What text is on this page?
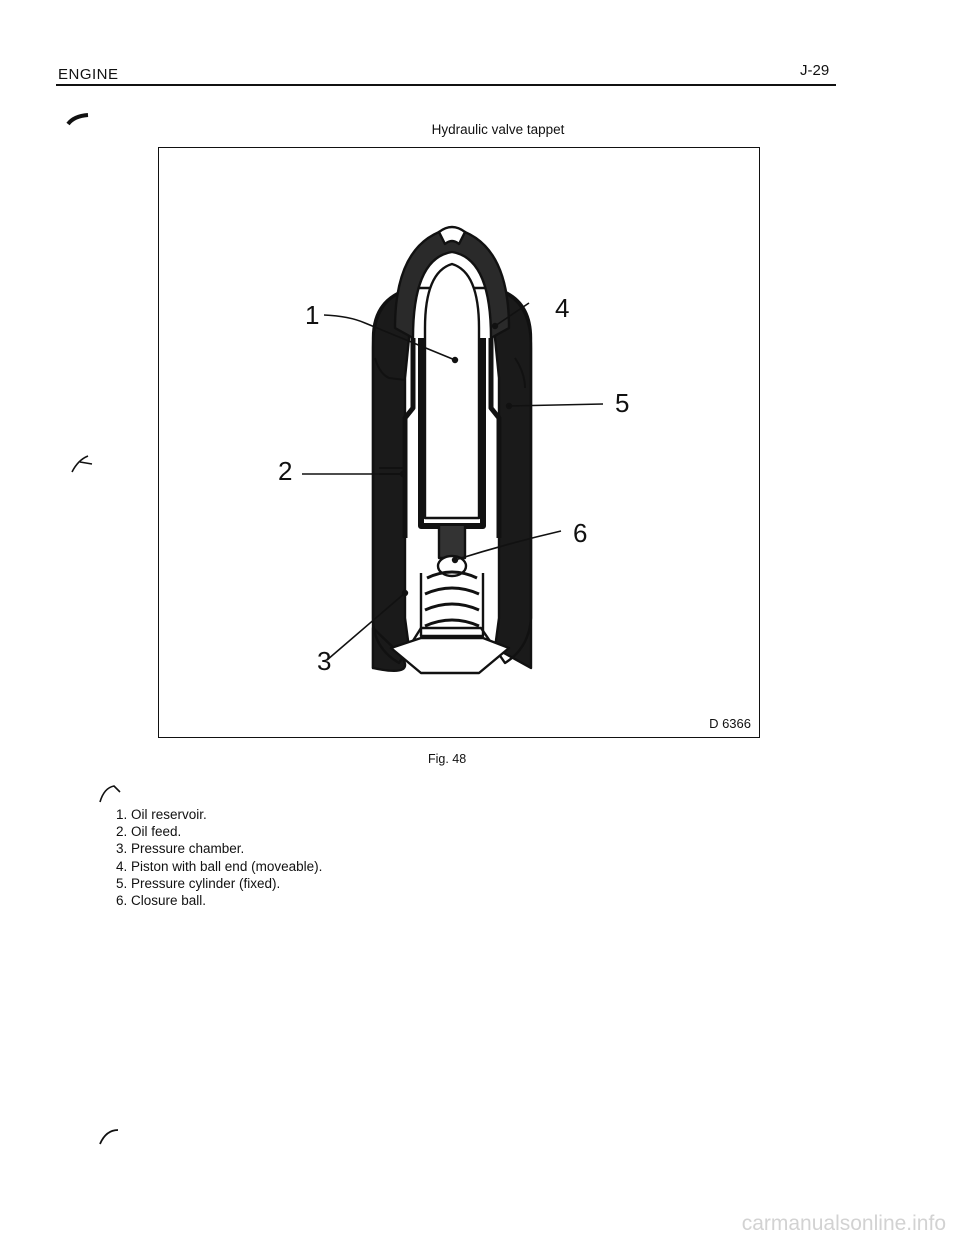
ENGINE	J-29
Hydraulic valve tappet
1
2
3
4
5
6
D 6366
Fig. 48
1. Oil reservoir.
2. Oil feed.
3. Pressure chamber.
4. Piston with ball end (moveable).
5. Pressure cylinder (fixed).
6. Closure ball.
carmanualsonline.info
